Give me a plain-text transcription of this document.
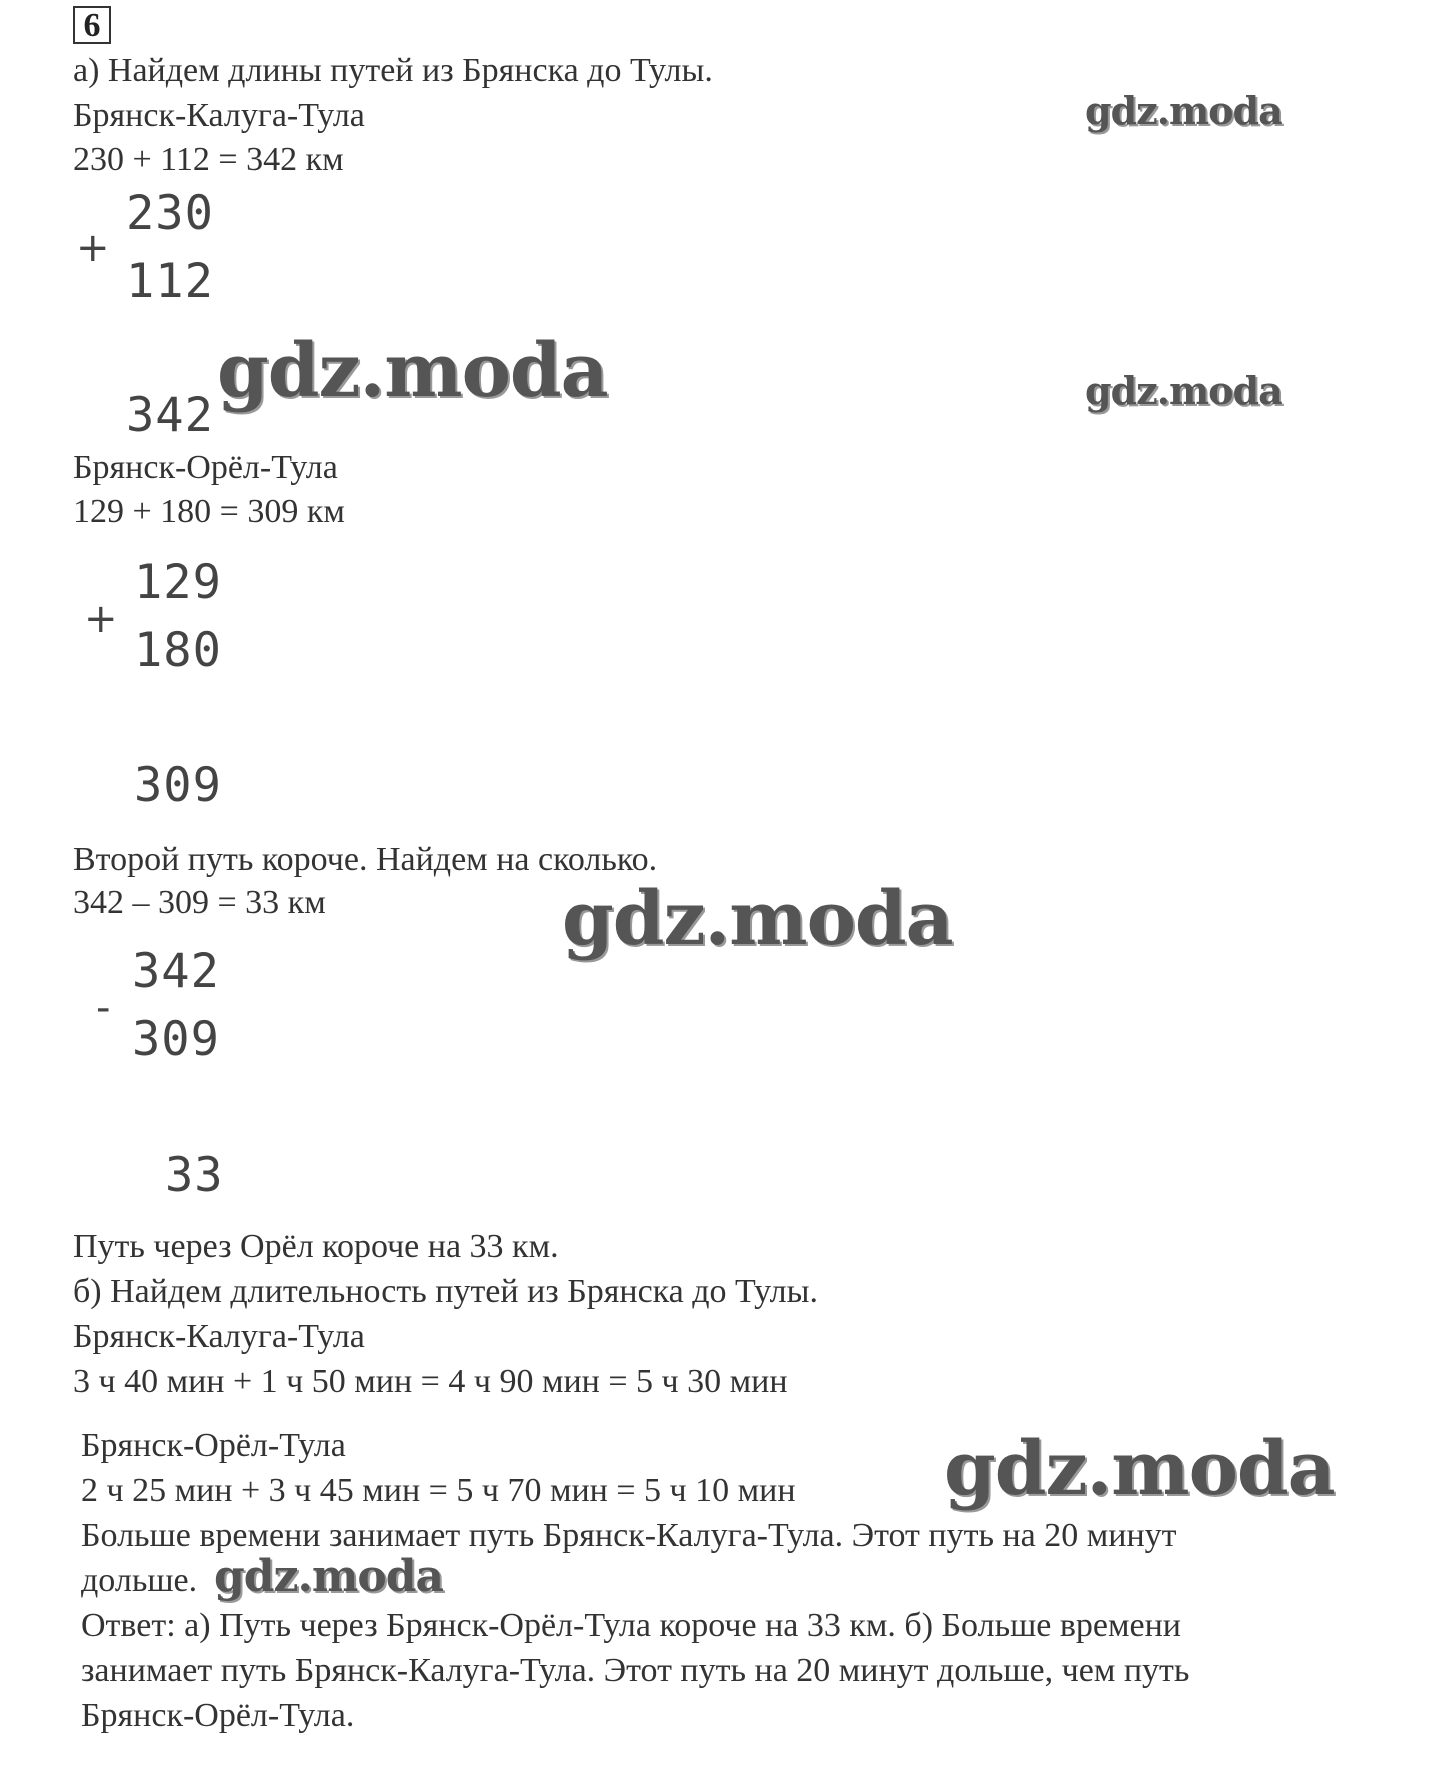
6
а) Найдем длины путей из Брянска до Тулы.
Брянск-Калуга-Тула
230 + 112 = 342 км
+
230
112
342
Брянск-Орёл-Тула
129 + 180 = 309 км
+
129
180
309
Второй путь короче. Найдем на сколько.
342 – 309 = 33 км
-
342
309
33
Путь через Орёл короче на 33 км.
б) Найдем длительность путей из Брянска до Тулы.
Брянск-Калуга-Тула
3 ч 40 мин + 1 ч 50 мин = 4 ч 90 мин = 5 ч 30 мин
Брянск-Орёл-Тула
2 ч 25 мин + 3 ч 45 мин = 5 ч 70 мин = 5 ч 10 мин
Больше времени занимает путь Брянск-Калуга-Тула. Этот путь на 20 минут
дольше.
Ответ: а) Путь через Брянск-Орёл-Тула короче на 33 км. б) Больше времени
занимает путь Брянск-Калуга-Тула. Этот путь на 20 минут дольше, чем путь
Брянск-Орёл-Тула.
gdz.moda
gdz.moda	gdz.moda
gdz.moda
gdz.moda
gdz.moda
